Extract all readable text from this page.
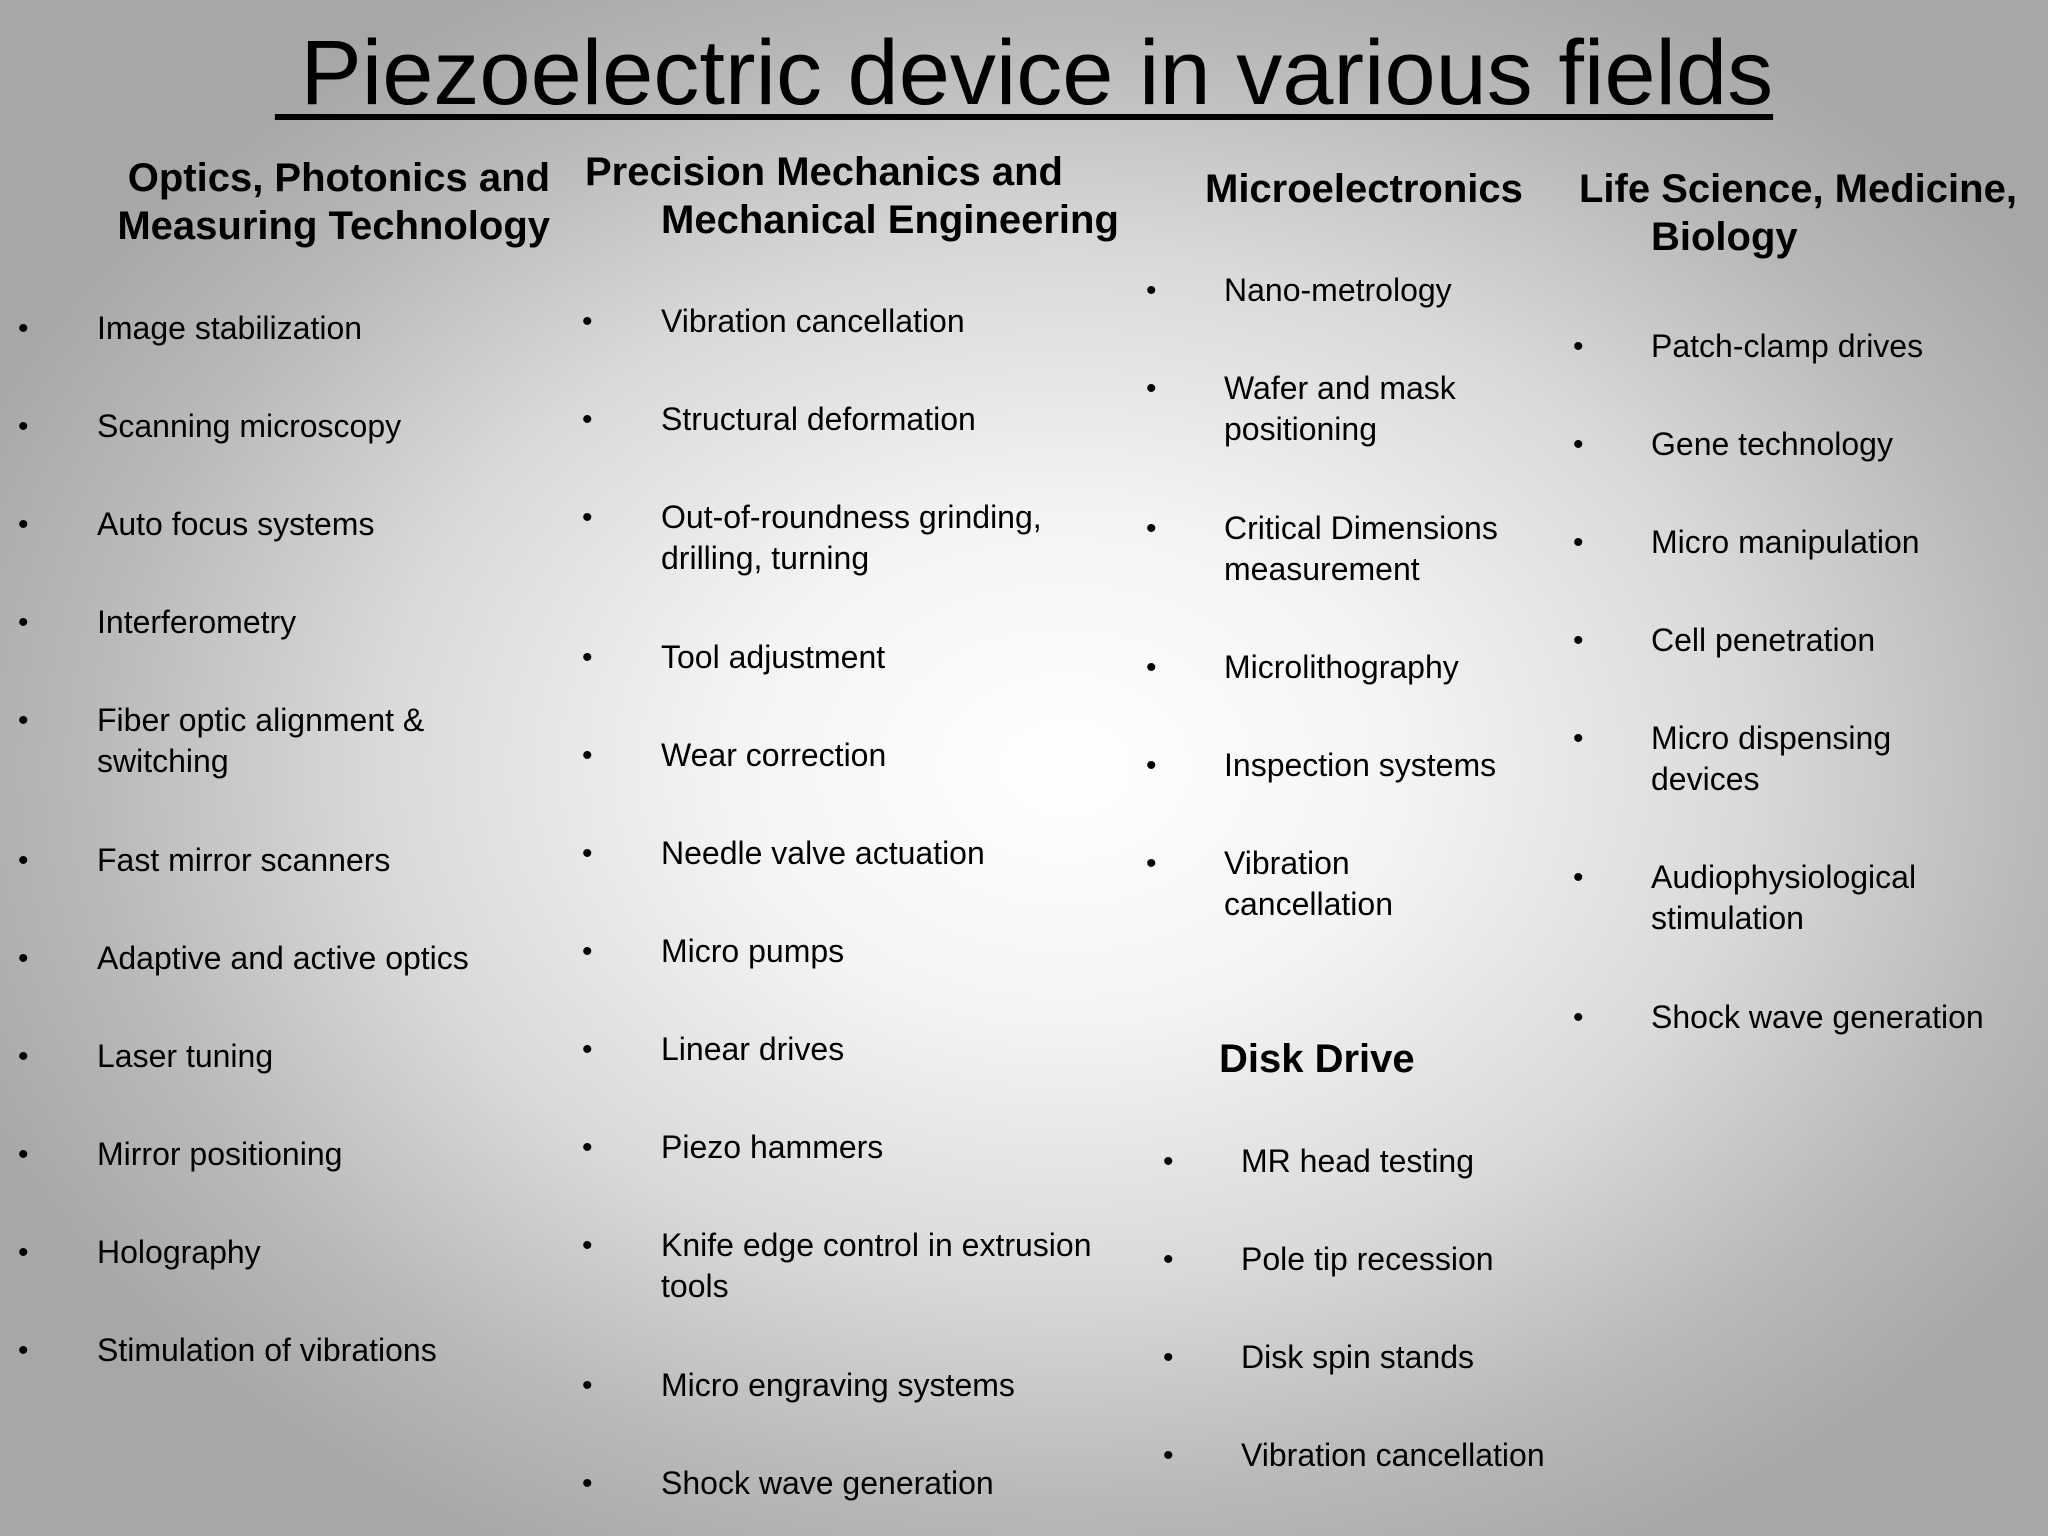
Piezoelectric device in various fields
Optics, Photonics and
Measuring Technology
• Image stabilization
• Scanning microscopy
• Auto focus systems
• Interferometry
• Fiber optic alignment & switching
• Fast mirror scanners
• Adaptive and active optics
• Laser tuning
• Mirror positioning
• Holography
• Stimulation of vibrations
Precision Mechanics and
Mechanical Engineering
• Vibration cancellation
• Structural deformation
• Out-of-roundness grinding, drilling, turning
• Tool adjustment
• Wear correction
• Needle valve actuation
• Micro pumps
• Linear drives
• Piezo hammers
• Knife edge control in extrusion tools
• Micro engraving systems
• Shock wave generation
Microelectronics
• Nano-metrology
• Wafer and mask positioning
• Critical Dimensions measurement
• Microlithography
• Inspection systems
• Vibration cancellation
Disk Drive
• MR head testing
• Pole tip recession
• Disk spin stands
• Vibration cancellation
Life Science, Medicine,
Biology
• Patch-clamp drives
• Gene technology
• Micro manipulation
• Cell penetration
• Micro dispensing devices
• Audiophysiological stimulation
• Shock wave generation
